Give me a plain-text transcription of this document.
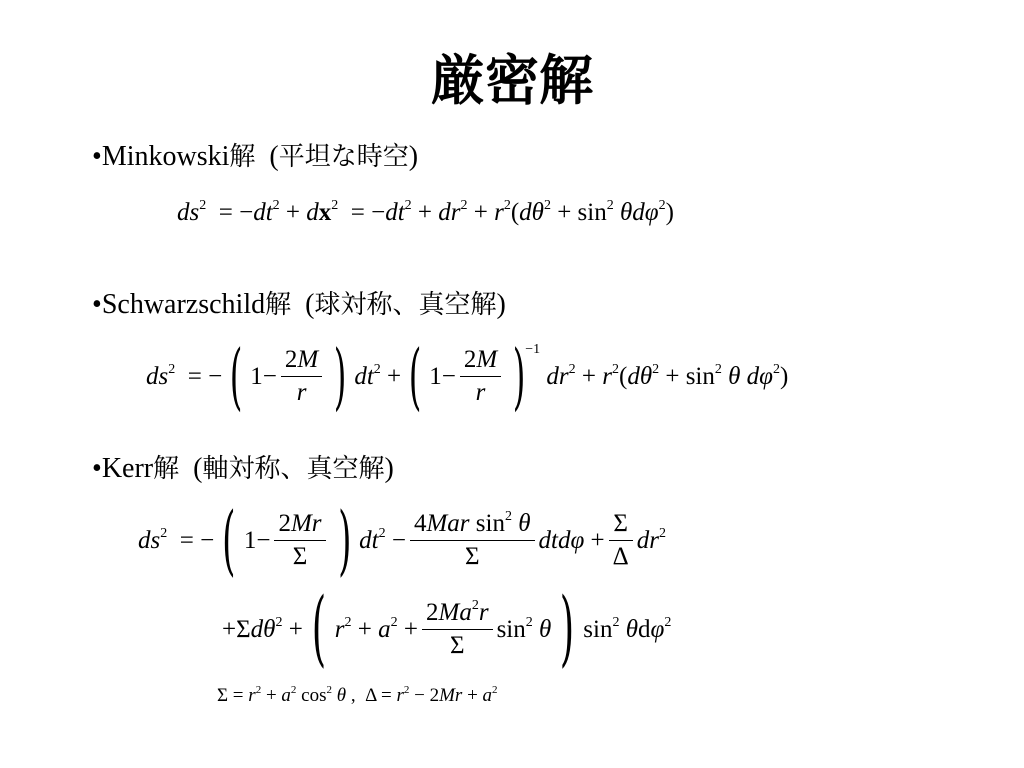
厳密解
•Minkowski解  (平坦な時空)
$ds^2 = -dt^2 + dx^2 = -dt^2 + dr^2 + r^2(d\theta^2 + \sin^2 \theta d\varphi^2)$
•Schwarzschild解  (球対称、真空解)
$ds^2$  = − ( $1- \frac{2M}{r}$ ) $dt^2$ + ( $1- \frac{2M}{r}$ ) −1
$dr^2 + r^2(d\theta^2 + \sin^2 \theta$ $d\varphi^2$)
•Kerr解  (軸対称、真空解)
$ds^2$  = − ( $1- \frac{2Mr}{\Sigma}$ ) $dt^2 - \frac{4Mar \sin^2 \theta}{\Sigma}$ $dtd\varphi + \frac{\Sigma}{\Delta} dr^2$
+Σdθ$^2$ + ( $r^2 + a^2 + \frac{2Ma^2r}{\Sigma} \sin^2 \theta$ ) $\sin^2 \theta d\varphi^2$
$\Sigma = r^2 + a^2$ $\cos^2 \theta$ ,  $\Delta = r^2 - 2Mr + a^2$
